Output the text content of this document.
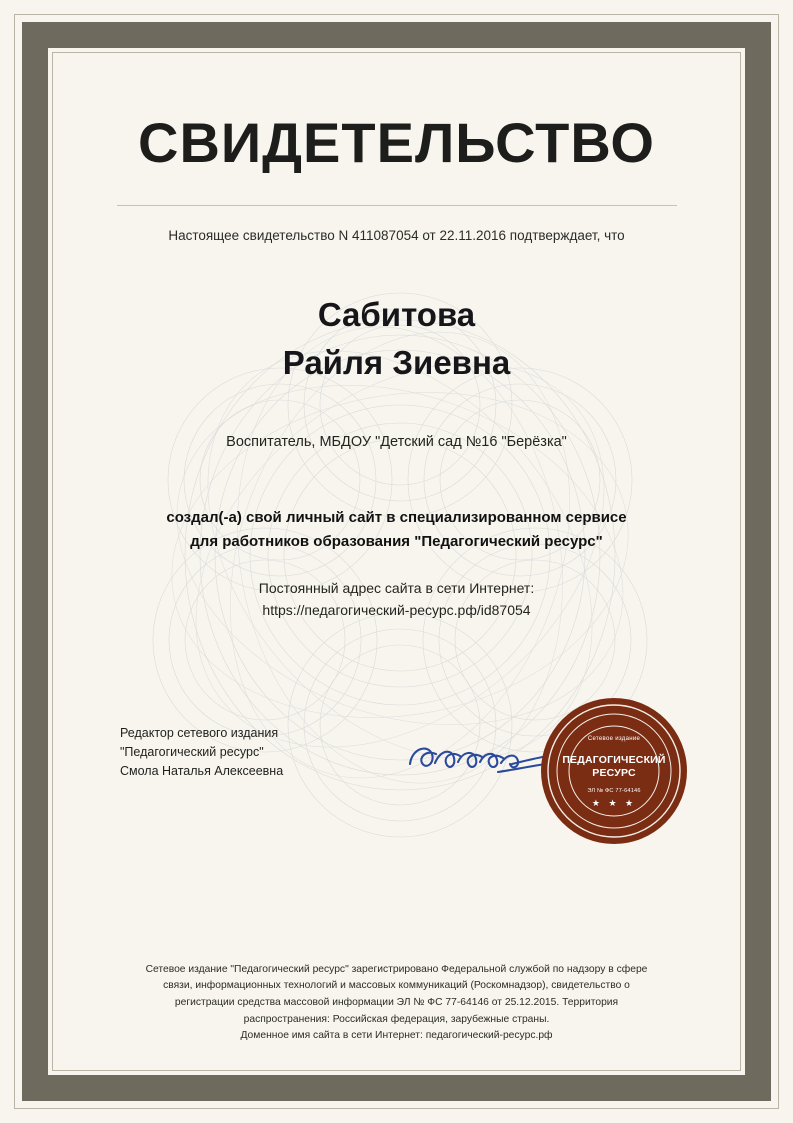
СВИДЕТЕЛЬСТВО
Настоящее свидетельство N 411087054 от 22.11.2016 подтверждает, что
Сабитова
Райля Зиевна
Воспитатель, МБДОУ "Детский сад №16 "Берёзка"
создал(-а) свой личный сайт в специализированном сервисе
для работников образования "Педагогический ресурс"
Постоянный адрес сайта в сети Интернет:
https://педагогический-ресурс.рф/id87054
Редактор сетевого издания
"Педагогический ресурс"
Смола Наталья Алексеевна
Сетевое издание
ПЕДАГОГИЧЕСКИЙ
РЕСУРС
ЭЛ № ФС 77-64146
★ ★ ★
Сетевое издание "Педагогический ресурс" зарегистрировано Федеральной службой по надзору в сфере
связи, информационных технологий и массовых коммуникаций (Роскомнадзор), свидетельство о
регистрации средства массовой информации ЭЛ № ФС 77-64146 от 25.12.2015. Территория
распространения: Российская федерация, зарубежные страны.
Доменное имя сайта в сети Интернет: педагогический-ресурс.рф
